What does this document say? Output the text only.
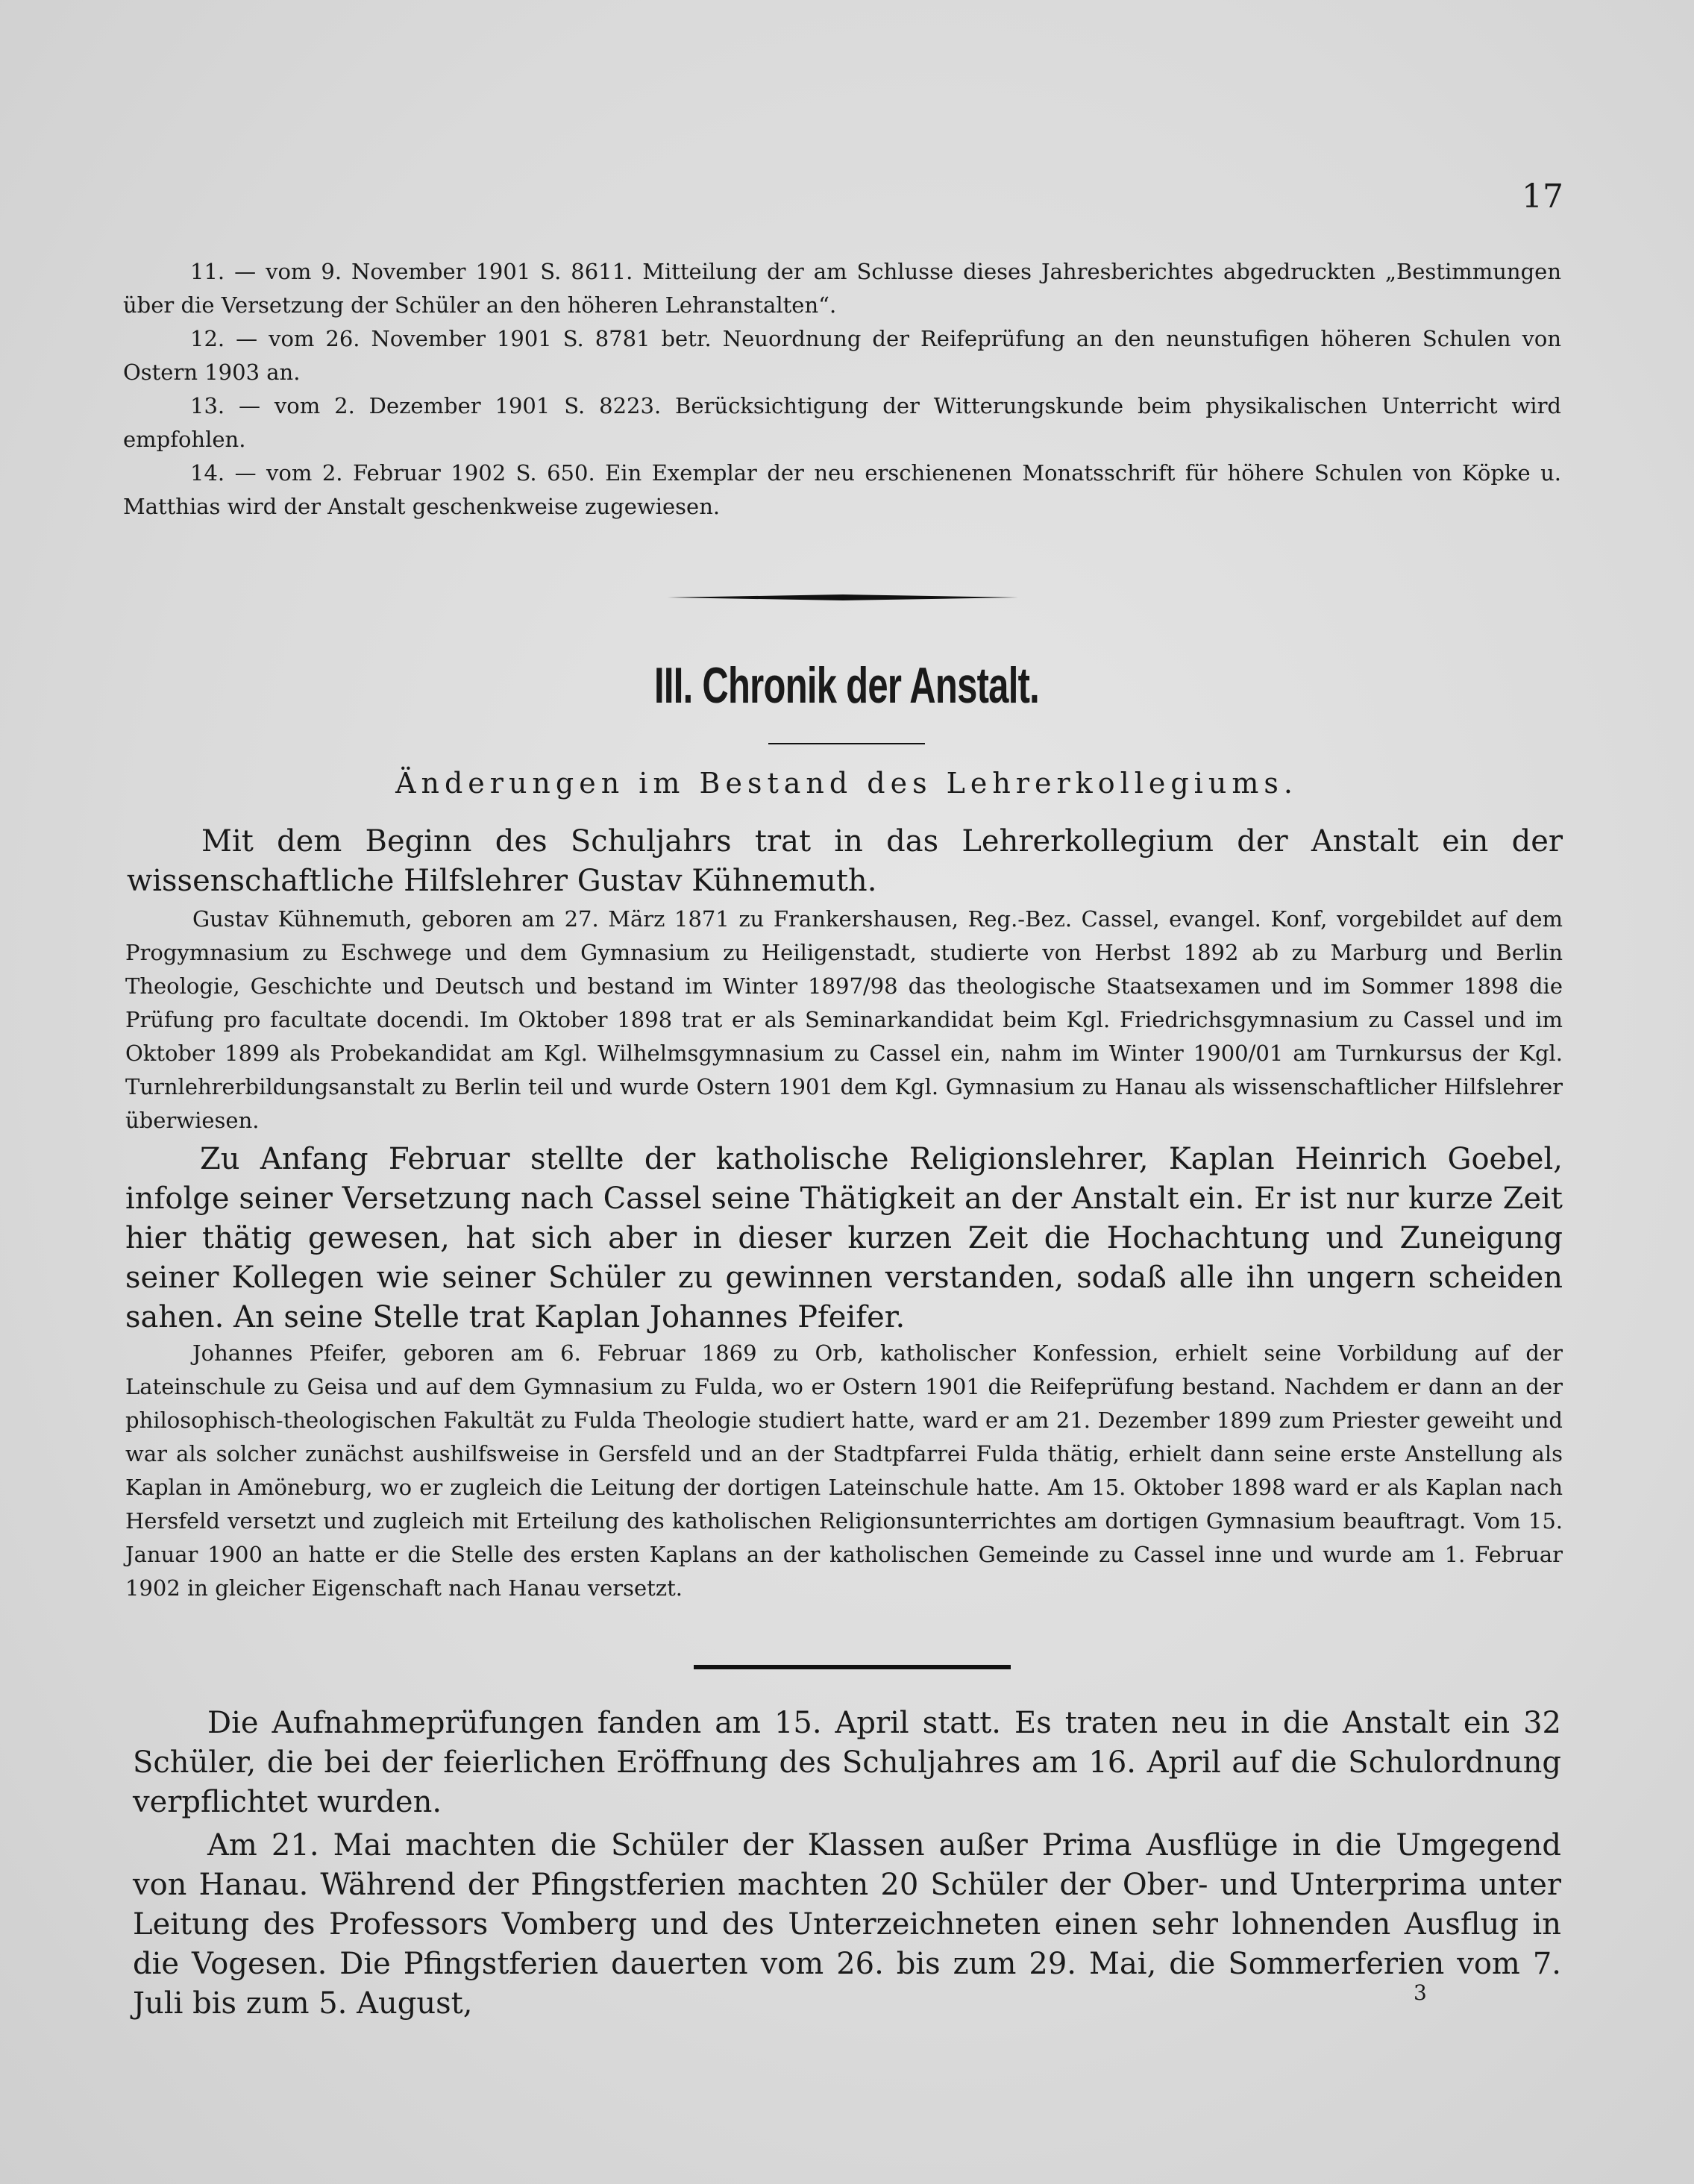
17

11. — vom 9. November 1901 S. 8611. Mitteilung der am Schlusse dieses Jahresberichtes abgedruckten „Bestimmungen über die Versetzung der Schüler an den höheren Lehranstalten“.

12. — vom 26. November 1901 S. 8781 betr. Neuordnung der Reifeprüfung an den neunstufigen höheren Schulen von Ostern 1903 an.

13. — vom 2. Dezember 1901 S. 8223. Berücksichtigung der Witterungskunde beim physikalischen Unterricht wird empfohlen.

14. — vom 2. Februar 1902 S. 650. Ein Exemplar der neu erschienenen Monatsschrift für höhere Schulen von Köpke u. Matthias wird der Anstalt geschenkweise zugewiesen.

III. Chronik der Anstalt.
Änderungen im Bestand des Lehrerkollegiums.

Mit dem Beginn des Schuljahrs trat in das Lehrerkollegium der Anstalt ein der wissenschaftliche Hilfslehrer Gustav Kühnemuth.

Gustav Kühnemuth, geboren am 27. März 1871 zu Frankershausen, Reg.-Bez. Cassel, evangel. Konf, vorgebildet auf dem Progymnasium zu Eschwege und dem Gymnasium zu Heiligenstadt, studierte von Herbst 1892 ab zu Marburg und Berlin Theologie, Geschichte und Deutsch und bestand im Winter 1897/98 das theologische Staatsexamen und im Sommer 1898 die Prüfung pro facultate docendi. Im Oktober 1898 trat er als Seminarkandidat beim Kgl. Friedrichsgymnasium zu Cassel und im Oktober 1899 als Probekandidat am Kgl. Wilhelmsgymnasium zu Cassel ein, nahm im Winter 1900/01 am Turnkursus der Kgl. Turnlehrerbildungsanstalt zu Berlin teil und wurde Ostern 1901 dem Kgl. Gymnasium zu Hanau als wissenschaftlicher Hilfslehrer überwiesen.

Zu Anfang Februar stellte der katholische Religionslehrer, Kaplan Heinrich Goebel, infolge seiner Versetzung nach Cassel seine Thätigkeit an der Anstalt ein. Er ist nur kurze Zeit hier thätig gewesen, hat sich aber in dieser kurzen Zeit die Hochachtung und Zuneigung seiner Kollegen wie seiner Schüler zu gewinnen verstanden, sodaß alle ihn ungern scheiden sahen. An seine Stelle trat Kaplan Johannes Pfeifer.

Johannes Pfeifer, geboren am 6. Februar 1869 zu Orb, katholischer Konfession, erhielt seine Vorbildung auf der Lateinschule zu Geisa und auf dem Gymnasium zu Fulda, wo er Ostern 1901 die Reifeprüfung bestand. Nachdem er dann an der philosophisch-theologischen Fakultät zu Fulda Theologie studiert hatte, ward er am 21. Dezember 1899 zum Priester geweiht und war als solcher zunächst aushilfsweise in Gersfeld und an der Stadtpfarrei Fulda thätig, erhielt dann seine erste Anstellung als Kaplan in Amöneburg, wo er zugleich die Leitung der dortigen Lateinschule hatte. Am 15. Oktober 1898 ward er als Kaplan nach Hersfeld versetzt und zugleich mit Erteilung des katholischen Religionsunterrichtes am dortigen Gymnasium beauftragt. Vom 15. Januar 1900 an hatte er die Stelle des ersten Kaplans an der katholischen Gemeinde zu Cassel inne und wurde am 1. Februar 1902 in gleicher Eigenschaft nach Hanau versetzt.

Die Aufnahmeprüfungen fanden am 15. April statt. Es traten neu in die Anstalt ein 32 Schüler, die bei der feierlichen Eröffnung des Schuljahres am 16. April auf die Schulordnung verpflichtet wurden.

Am 21. Mai machten die Schüler der Klassen außer Prima Ausflüge in die Umgegend von Hanau. Während der Pfingstferien machten 20 Schüler der Ober- und Unterprima unter Leitung des Professors Vomberg und des Unterzeichneten einen sehr lohnenden Ausflug in die Vogesen. Die Pfingstferien dauerten vom 26. bis zum 29. Mai, die Sommerferien vom 7. Juli bis zum 5. August,	3
